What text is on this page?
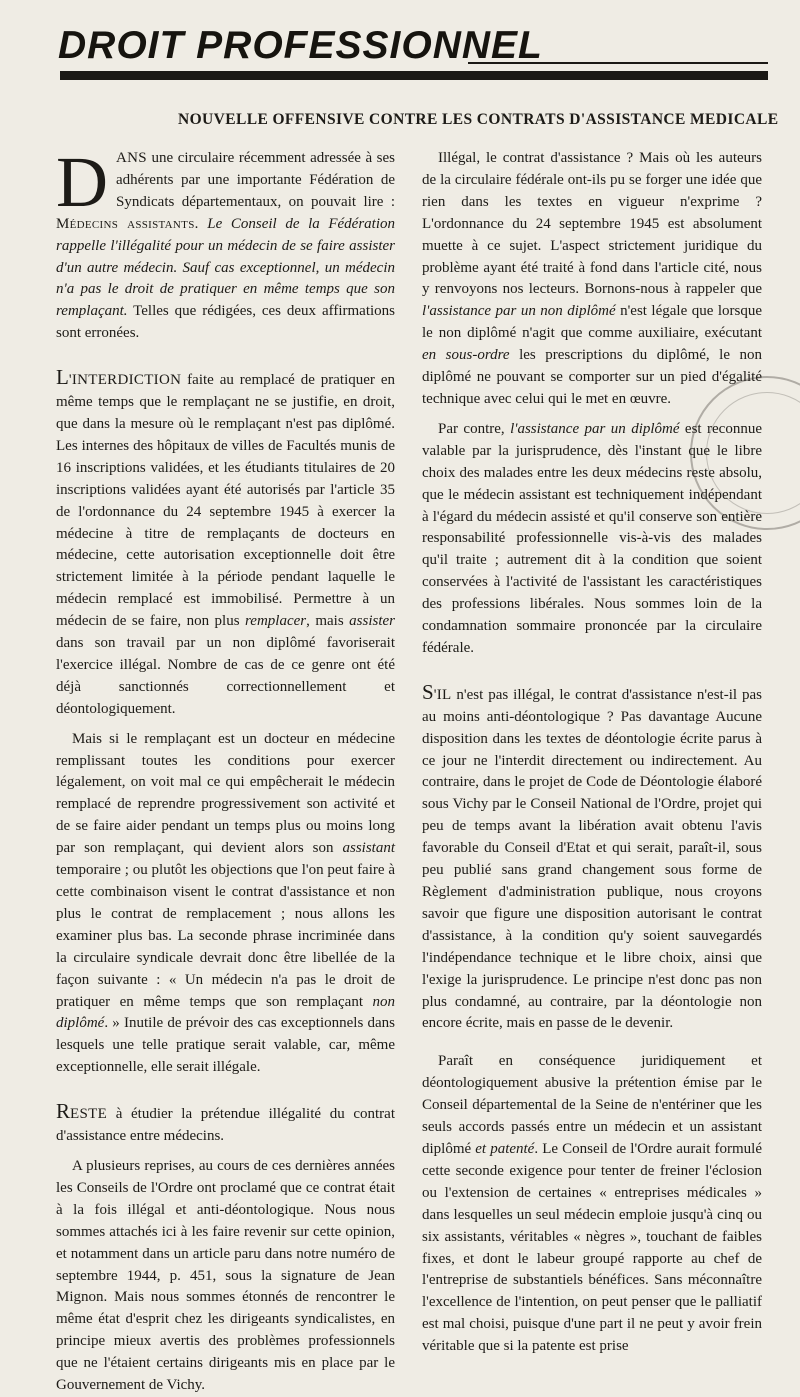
DROIT PROFESSIONNEL
NOUVELLE OFFENSIVE CONTRE LES CONTRATS D'ASSISTANCE MEDICALE

DANS une circulaire récemment adressée à ses adhérents par une importante Fédération de Syndicats départementaux, on pouvait lire : Médecins assistants. Le Conseil de la Fédération rappelle l'illégalité pour un médecin de se faire assister d'un autre médecin. Sauf cas exceptionnel, un médecin n'a pas le droit de pratiquer en même temps que son remplaçant. Telles que rédigées, ces deux affirmations sont erronées.

L'INTERDICTION faite au remplacé de pratiquer en même temps que le remplaçant ne se justifie, en droit, que dans la mesure où le remplaçant n'est pas diplômé. Les internes des hôpitaux de villes de Facultés munis de 16 inscriptions validées, et les étudiants titulaires de 20 inscriptions validées ayant été autorisés par l'article 35 de l'ordonnance du 24 septembre 1945 à exercer la médecine à titre de remplaçants de docteurs en médecine, cette autorisation exceptionnelle doit être strictement limitée à la période pendant laquelle le médecin remplacé est immobilisé. Permettre à un médecin de se faire, non plus remplacer, mais assister dans son travail par un non diplômé favoriserait l'exercice illégal. Nombre de cas de ce genre ont été déjà sanctionnés correctionnellement et déontologiquement.

Mais si le remplaçant est un docteur en médecine remplissant toutes les conditions pour exercer légalement, on voit mal ce qui empêcherait le médecin remplacé de reprendre progressivement son activité et de se faire aider pendant un temps plus ou moins long par son remplaçant, qui devient alors son assistant temporaire ; ou plutôt les objections que l'on peut faire à cette combinaison visent le contrat d'assistance et non plus le contrat de remplacement ; nous allons les examiner plus bas. La seconde phrase incriminée dans la circulaire syndicale devrait donc être libellée de la façon suivante : « Un médecin n'a pas le droit de pratiquer en même temps que son remplaçant non diplômé. » Inutile de prévoir des cas exceptionnels dans lesquels une telle pratique serait valable, car, même exceptionnelle, elle serait illégale.

RESTE à étudier la prétendue illégalité du contrat d'assistance entre médecins.

A plusieurs reprises, au cours de ces dernières années les Conseils de l'Ordre ont proclamé que ce contrat était à la fois illégal et anti-déontologique. Nous nous sommes attachés ici à les faire revenir sur cette opinion, et notamment dans un article paru dans notre numéro de septembre 1944, p. 451, sous la signature de Jean Mignon. Mais nous sommes étonnés de rencontrer le même état d'esprit chez les dirigeants syndicalistes, en principe mieux avertis des problèmes professionnels que ne l'étaient certains dirigeants mis en place par le Gouvernement de Vichy.

Illégal, le contrat d'assistance ? Mais où les auteurs de la circulaire fédérale ont-ils pu se forger une idée que rien dans les textes en vigueur n'exprime ? L'ordonnance du 24 septembre 1945 est absolument muette à ce sujet. L'aspect strictement juridique du problème ayant été traité à fond dans l'article cité, nous y renvoyons nos lecteurs. Bornons-nous à rappeler que l'assistance par un non diplômé n'est légale que lorsque le non diplômé n'agit que comme auxiliaire, exécutant en sous-ordre les prescriptions du diplômé, le non diplômé ne pouvant se comporter sur un pied d'égalité technique avec celui qui le met en œuvre.

Par contre, l'assistance par un diplômé est reconnue valable par la jurisprudence, dès l'instant que le libre choix des malades entre les deux médecins reste absolu, que le médecin assistant est techniquement indépendant à l'égard du médecin assisté et qu'il conserve son entière responsabilité professionnelle vis-à-vis des malades qu'il traite ; autrement dit à la condition que soient conservées à l'activité de l'assistant les caractéristiques des professions libérales. Nous sommes loin de la condamnation sommaire prononcée par la circulaire fédérale.

S'IL n'est pas illégal, le contrat d'assistance n'est-il pas au moins anti-déontologique ? Pas davantage Aucune disposition dans les textes de déontologie écrite parus à ce jour ne l'interdit directement ou indirectement. Au contraire, dans le projet de Code de Déontologie élaboré sous Vichy par le Conseil National de l'Ordre, projet qui peu de temps avant la libération avait obtenu l'avis favorable du Conseil d'Etat et qui serait, paraît-il, sous peu publié sans grand changement sous forme de Règlement d'administration publique, nous croyons savoir que figure une disposition autorisant le contrat d'assistance, à la condition qu'y soient sauvegardés l'indépendance technique et le libre choix, ainsi que l'exige la jurisprudence. Le principe n'est donc pas non plus condamné, au contraire, par la déontologie non encore écrite, mais en passe de le devenir.

Paraît en conséquence juridiquement et déontologiquement abusive la prétention émise par le Conseil départemental de la Seine de n'entériner que les seuls accords passés entre un médecin et un assistant diplômé et patenté. Le Conseil de l'Ordre aurait formulé cette seconde exigence pour tenter de freiner l'éclosion ou l'extension de certaines « entreprises médicales » dans lesquelles un seul médecin emploie jusqu'à cinq ou six assistants, véritables « nègres », touchant de faibles fixes, et dont le labeur groupé rapporte au chef de l'entreprise de substantiels bénéfices. Sans méconnaître l'excellence de l'intention, on peut penser que le palliatif est mal choisi, puisque d'une part il ne peut y avoir frein véritable que si la patente est prise
